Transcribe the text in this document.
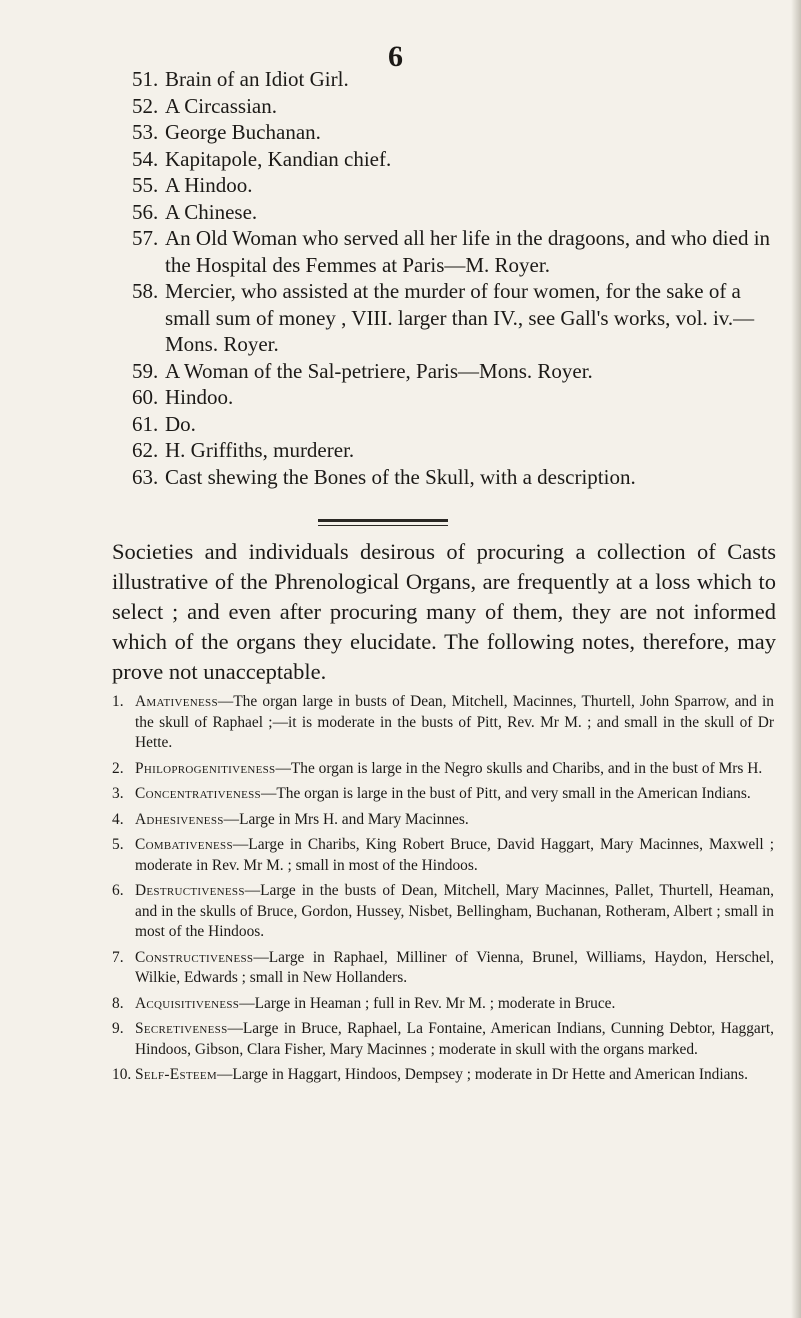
6
51. Brain of an Idiot Girl.
52. A Circassian.
53. George Buchanan.
54. Kapitapole, Kandian chief.
55. A Hindoo.
56. A Chinese.
57. An Old Woman who served all her life in the dragoons, and who died in the Hospital des Femmes at Paris—M. Royer.
58. Mercier, who assisted at the murder of four women, for the sake of a small sum of money , VIII. larger than IV., see Gall's works, vol. iv.—Mons. Royer.
59. A Woman of the Sal-petriere, Paris—Mons. Royer.
60. Hindoo.
61. Do.
62. H. Griffiths, murderer.
63. Cast shewing the Bones of the Skull, with a description.

Societies and individuals desirous of procuring a collection of Casts illustrative of the Phrenological Organs, are frequently at a loss which to select ; and even after procuring many of them, they are not informed which of the organs they elucidate. The following notes, therefore, may prove not unacceptable.

1. Amativeness—The organ large in busts of Dean, Mitchell, Macinnes, Thurtell, John Sparrow, and in the skull of Raphael ;—it is moderate in the busts of Pitt, Rev. Mr M. ; and small in the skull of Dr Hette.
2. Philoprogenitiveness—The organ is large in the Negro skulls and Charibs, and in the bust of Mrs H.
3. Concentrativeness—The organ is large in the bust of Pitt, and very small in the American Indians.
4. Adhesiveness—Large in Mrs H. and Mary Macinnes.
5. Combativeness—Large in Charibs, King Robert Bruce, David Haggart, Mary Macinnes, Maxwell ; moderate in Rev. Mr M. ; small in most of the Hindoos.
6. Destructiveness—Large in the busts of Dean, Mitchell, Mary Macinnes, Pallet, Thurtell, Heaman, and in the skulls of Bruce, Gordon, Hussey, Nisbet, Bellingham, Buchanan, Rotheram, Albert ; small in most of the Hindoos.
7. Constructiveness—Large in Raphael, Milliner of Vienna, Brunel, Williams, Haydon, Herschel, Wilkie, Edwards ; small in New Hollanders.
8. Acquisitiveness—Large in Heaman ; full in Rev. Mr M. ; moderate in Bruce.
9. Secretiveness—Large in Bruce, Raphael, La Fontaine, American Indians, Cunning Debtor, Haggart, Hindoos, Gibson, Clara Fisher, Mary Macinnes ; moderate in skull with the organs marked.
10. Self-Esteem—Large in Haggart, Hindoos, Dempsey ; moderate in Dr Hette and American Indians.
